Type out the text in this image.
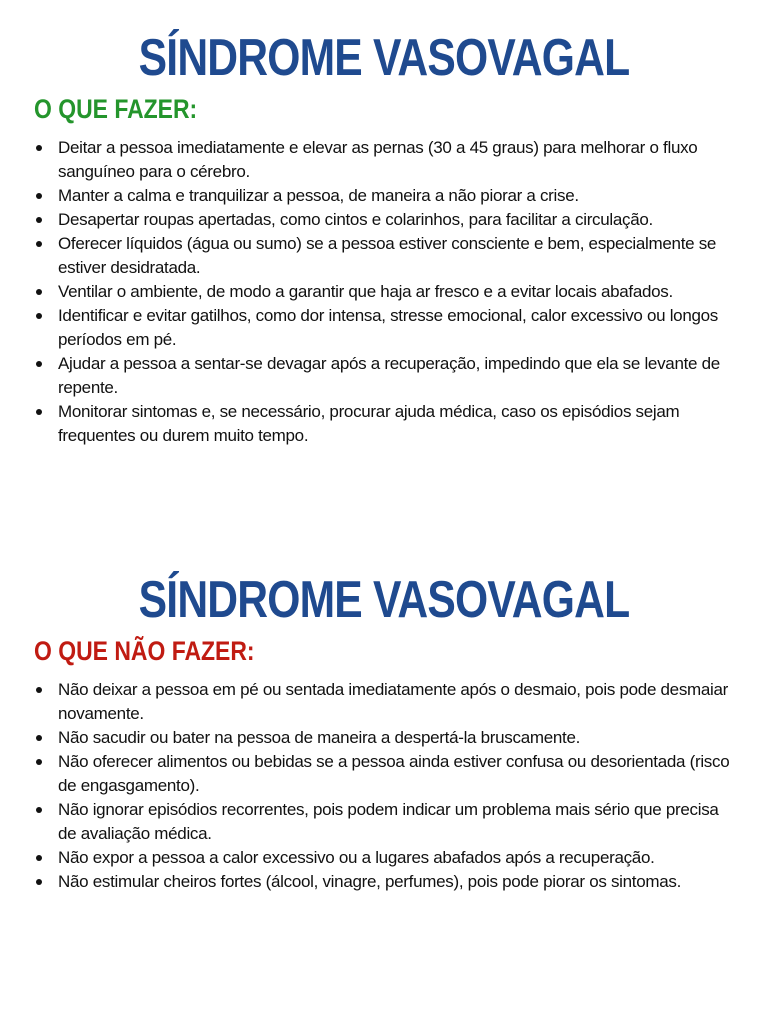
SÍNDROME VASOVAGAL
O QUE FAZER:
Deitar a pessoa imediatamente e elevar as pernas (30 a 45 graus) para melhorar o fluxo sanguíneo para o cérebro.
Manter a calma e tranquilizar a pessoa, de maneira a não piorar a crise.
Desapertar roupas apertadas, como cintos e colarinhos, para facilitar a circulação.
Oferecer líquidos (água ou sumo) se a pessoa estiver consciente e bem, especialmente se estiver desidratada.
Ventilar o ambiente, de modo a garantir que haja ar fresco e a evitar locais abafados.
Identificar e evitar gatilhos, como dor intensa, stresse emocional, calor excessivo ou longos períodos em pé.
Ajudar a pessoa a sentar-se devagar após a recuperação, impedindo que ela se levante de repente.
Monitorar sintomas e, se necessário, procurar ajuda médica, caso os episódios sejam frequentes ou durem muito tempo.
SÍNDROME VASOVAGAL
O QUE NÃO FAZER:
Não deixar a pessoa em pé ou sentada imediatamente após o desmaio, pois pode desmaiar novamente.
Não sacudir ou bater na pessoa de maneira a despertá-la bruscamente.
Não oferecer alimentos ou bebidas se a pessoa ainda estiver confusa ou desorientada (risco de engasgamento).
Não ignorar episódios recorrentes, pois podem indicar um problema mais sério que precisa de avaliação médica.
Não expor a pessoa a calor excessivo ou a lugares abafados após a recuperação.
Não estimular cheiros fortes (álcool, vinagre, perfumes), pois pode piorar os sintomas.
